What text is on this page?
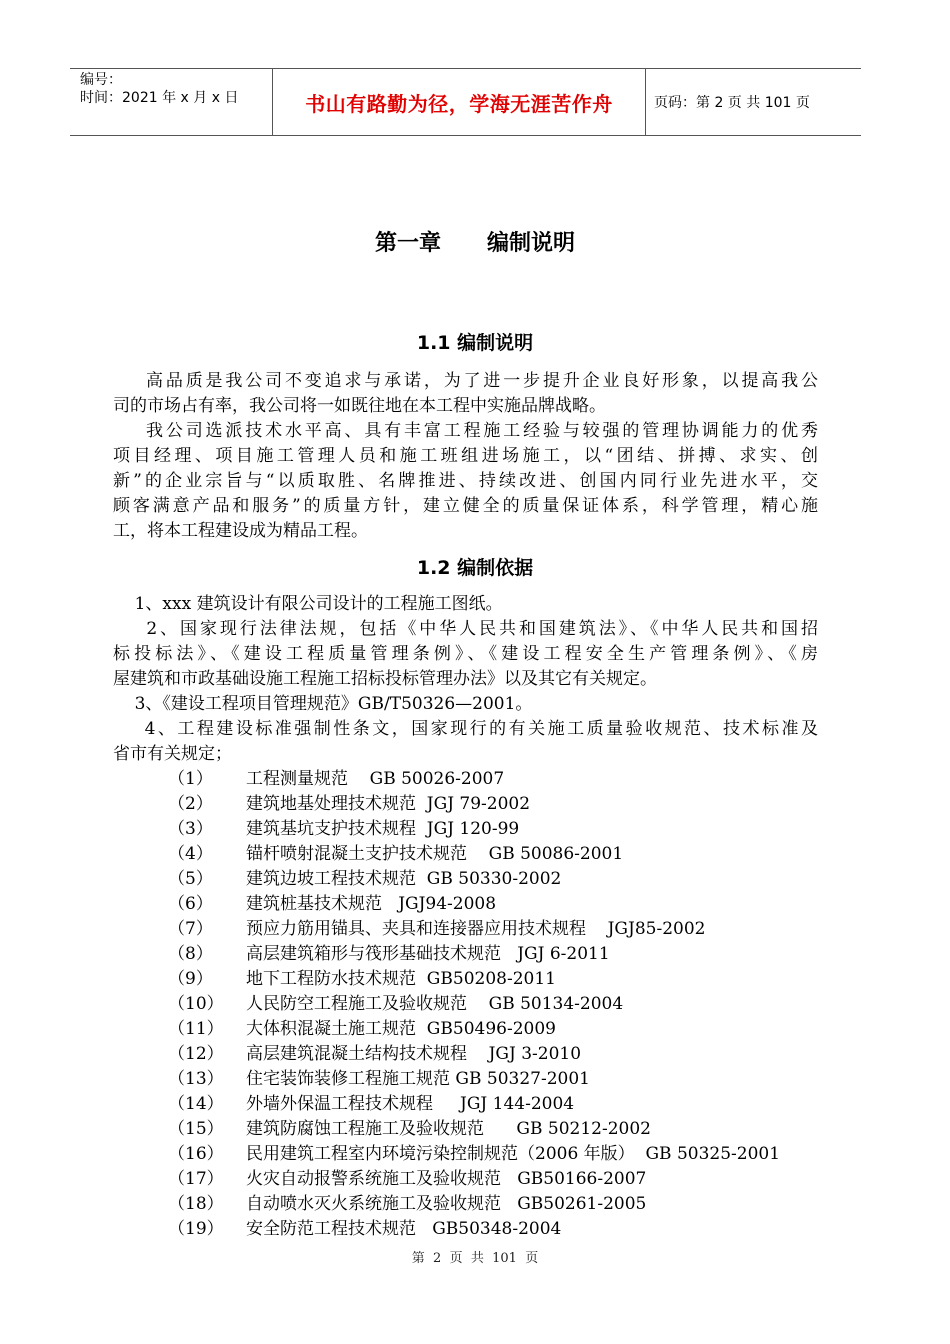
编号：
时间：2021 年 x 月 x 日	书山有路勤为径，学海无涯苦作舟	页码：第 2 页 共 101 页
第一章      编制说明
1.1 编制说明
高品质是我公司不变追求与承诺，为了进一步提升企业良好形象，以提高我公
司的市场占有率，我公司将一如既往地在本工程中实施品牌战略。
我公司选派技术水平高、具有丰富工程施工经验与较强的管理协调能力的优秀
项目经理、项目施工管理人员和施工班组进场施工，以“团结、拼搏、求实、创
新”的企业宗旨与“以质取胜、名牌推进、持续改进、创国内同行业先进水平，交
顾客满意产品和服务”的质量方针，建立健全的质量保证体系，科学管理，精心施
工，将本工程建设成为精品工程。
1.2 编制依据
1、xxx 建筑设计有限公司设计的工程施工图纸。
2、国家现行法律法规，包括《中华人民共和国建筑法》、《中华人民共和国招
标投标法》、《建设工程质量管理条例》、《建设工程安全生产管理条例》、《房
屋建筑和市政基础设施工程施工招标投标管理办法》以及其它有关规定。
3、《建设工程项目管理规范》GB/T50326—2001。
4、工程建设标准强制性条文，国家现行的有关施工质量验收规范、技术标准及
省市有关规定；
（1） 工程测量规范    GB 50026-2007
（2） 建筑地基处理技术规范  JGJ 79-2002
（3） 建筑基坑支护技术规程  JGJ 120-99
（4） 锚杆喷射混凝土支护技术规范    GB 50086-2001
（5） 建筑边坡工程技术规范  GB 50330-2002
（6） 建筑桩基技术规范   JGJ94-2008
（7） 预应力筋用锚具、夹具和连接器应用技术规程    JGJ85-2002
（8） 高层建筑箱形与筏形基础技术规范   JGJ 6-2011
（9） 地下工程防水技术规范  GB50208-2011
（10） 人民防空工程施工及验收规范    GB 50134-2004
（11） 大体积混凝土施工规范  GB50496-2009
（12） 高层建筑混凝土结构技术规程    JGJ 3-2010
（13） 住宅装饰装修工程施工规范 GB 50327-2001
（14） 外墙外保温工程技术规程     JGJ 144-2004
（15） 建筑防腐蚀工程施工及验收规范      GB 50212-2002
（16） 民用建筑工程室内环境污染控制规范（2006 年版）  GB 50325-2001
（17） 火灾自动报警系统施工及验收规范   GB50166-2007
（18） 自动喷水灭火系统施工及验收规范   GB50261-2005
（19） 安全防范工程技术规范   GB50348-2004
第  2  页  共  101  页
